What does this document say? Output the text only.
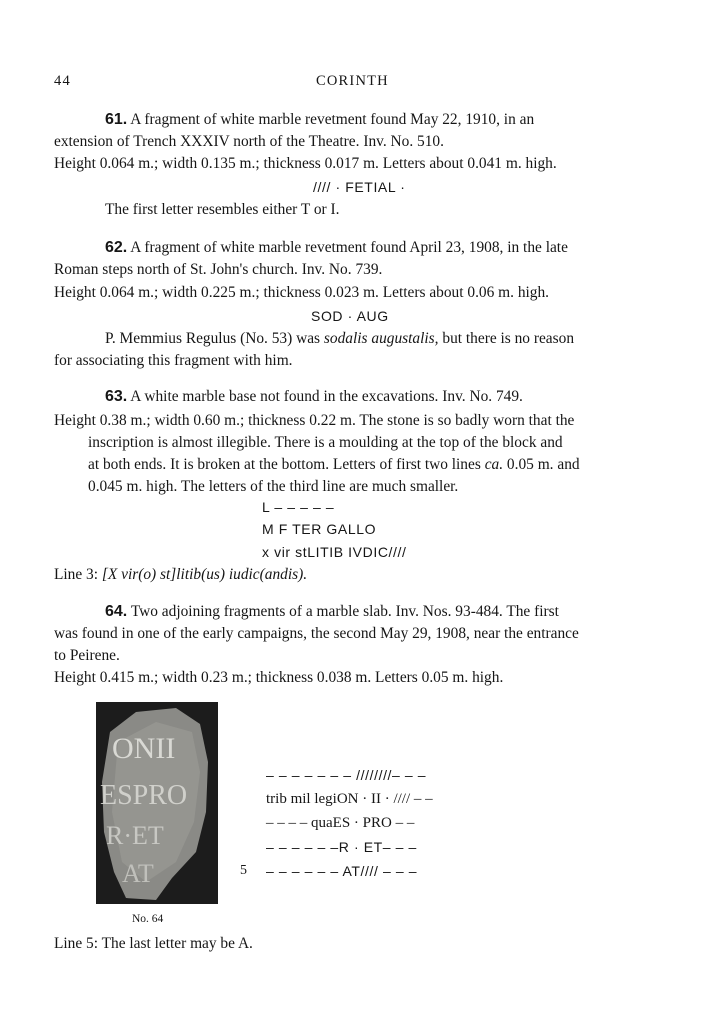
44	CORINTH
61. A fragment of white marble revetment found May 22, 1910, in an
extension of Trench XXXIV north of the Theatre. Inv. No. 510.
Height 0.064 m.; width 0.135 m.; thickness 0.017 m. Letters about 0.041 m. high.
//// · FETIAL ·
The first letter resembles either T or I.
62. A fragment of white marble revetment found April 23, 1908, in the late
Roman steps north of St. John's church. Inv. No. 739.
Height 0.064 m.; width 0.225 m.; thickness 0.023 m. Letters about 0.06 m. high.
SOD · AUG
P. Memmius Regulus (No. 53) was sodalis augustalis, but there is no reason
for associating this fragment with him.
63. A white marble base not found in the excavations. Inv. No. 749.
Height 0.38 m.; width 0.60 m.; thickness 0.22 m. The stone is so badly worn that the
inscription is almost illegible. There is a moulding at the top of the block and
at both ends. It is broken at the bottom. Letters of first two lines ca. 0.05 m. and
0.045 m. high. The letters of the third line are much smaller.
L – – – – –
M F TER GALLO
x vir stLITIB IVDIC////
Line 3: [X vir(o) st]litib(us) iudic(andis).
64. Two adjoining fragments of a marble slab. Inv. Nos. 93-484. The first
was found in one of the early campaigns, the second May 29, 1908, near the entrance
to Peirene.
Height 0.415 m.; width 0.23 m.; thickness 0.038 m. Letters 0.05 m. high.
ONII
ESPRO
R·ET
AT
No. 64
– – – – – – – ////////– – –
trib mil legiON · II · //// – –
– – – – quaES · PRO – –
– – – – – –R · ET– – –
5 – – – – – – AT//// – – –
Line 5: The last letter may be A.
